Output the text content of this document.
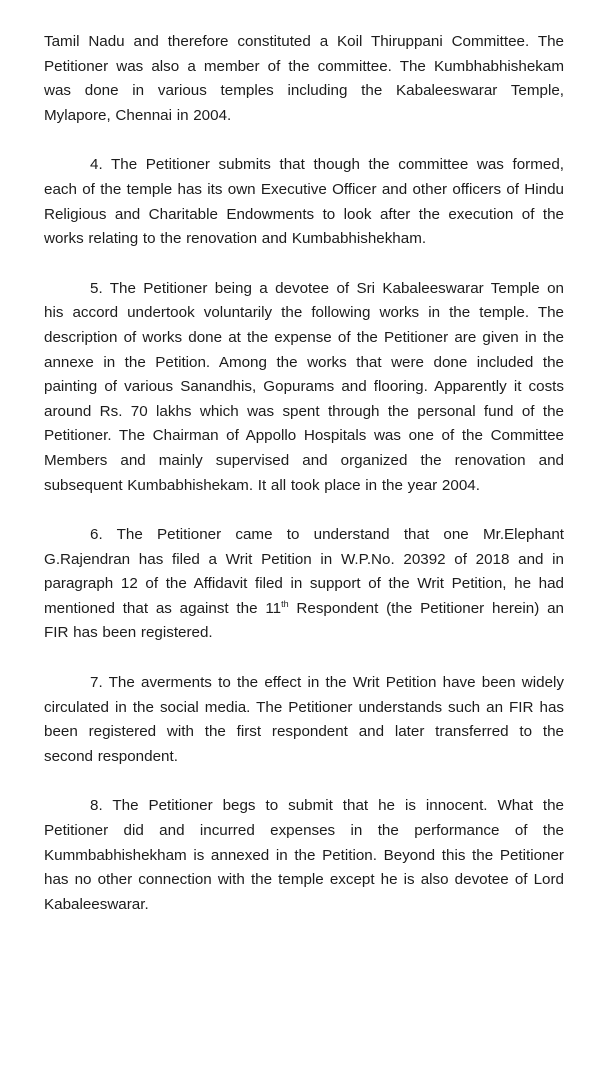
Tamil Nadu and therefore constituted a Koil Thiruppani Committee. The
Petitioner was also a member of the committee. The Kumbhabhishekam
was done in various temples including the Kabaleeswarar Temple,
Mylapore, Chennai in 2004.

4. The Petitioner submits that though the committee was formed,
each of the temple has its own Executive Officer and other officers of Hindu
Religious and Charitable Endowments to look after the execution of the
works relating to the renovation and Kumbabhishekham.

5. The Petitioner being a devotee of Sri Kabaleeswarar Temple on
his accord undertook voluntarily the following works in the temple. The
description of works done at the expense of the Petitioner are given in the
annexe in the Petition. Among the works that were done included the
painting of various Sanandhis, Gopurams and flooring. Apparently it costs
around Rs. 70 lakhs which was spent through the personal fund of the
Petitioner. The Chairman of Appollo Hospitals was one of the Committee
Members and mainly supervised and organized the renovation and
subsequent Kumbabhishekam. It all took place in the year 2004.

6. The Petitioner came to understand that one Mr.Elephant
G.Rajendran has filed a Writ Petition in W.P.No. 20392 of 2018 and in
paragraph 12 of the Affidavit filed in support of the Writ Petition, he had
mentioned that as against the 11th Respondent (the Petitioner herein) an
FIR has been registered.

7. The averments to the effect in the Writ Petition have been widely
circulated in the social media. The Petitioner understands such an FIR has
been registered with the first respondent and later transferred to the
second respondent.

8. The Petitioner begs to submit that he is innocent. What the
Petitioner did and incurred expenses in the performance of the
Kummbabhishekham is annexed in the Petition. Beyond this the Petitioner
has no other connection with the temple except he is also devotee of Lord
Kabaleeswarar.
